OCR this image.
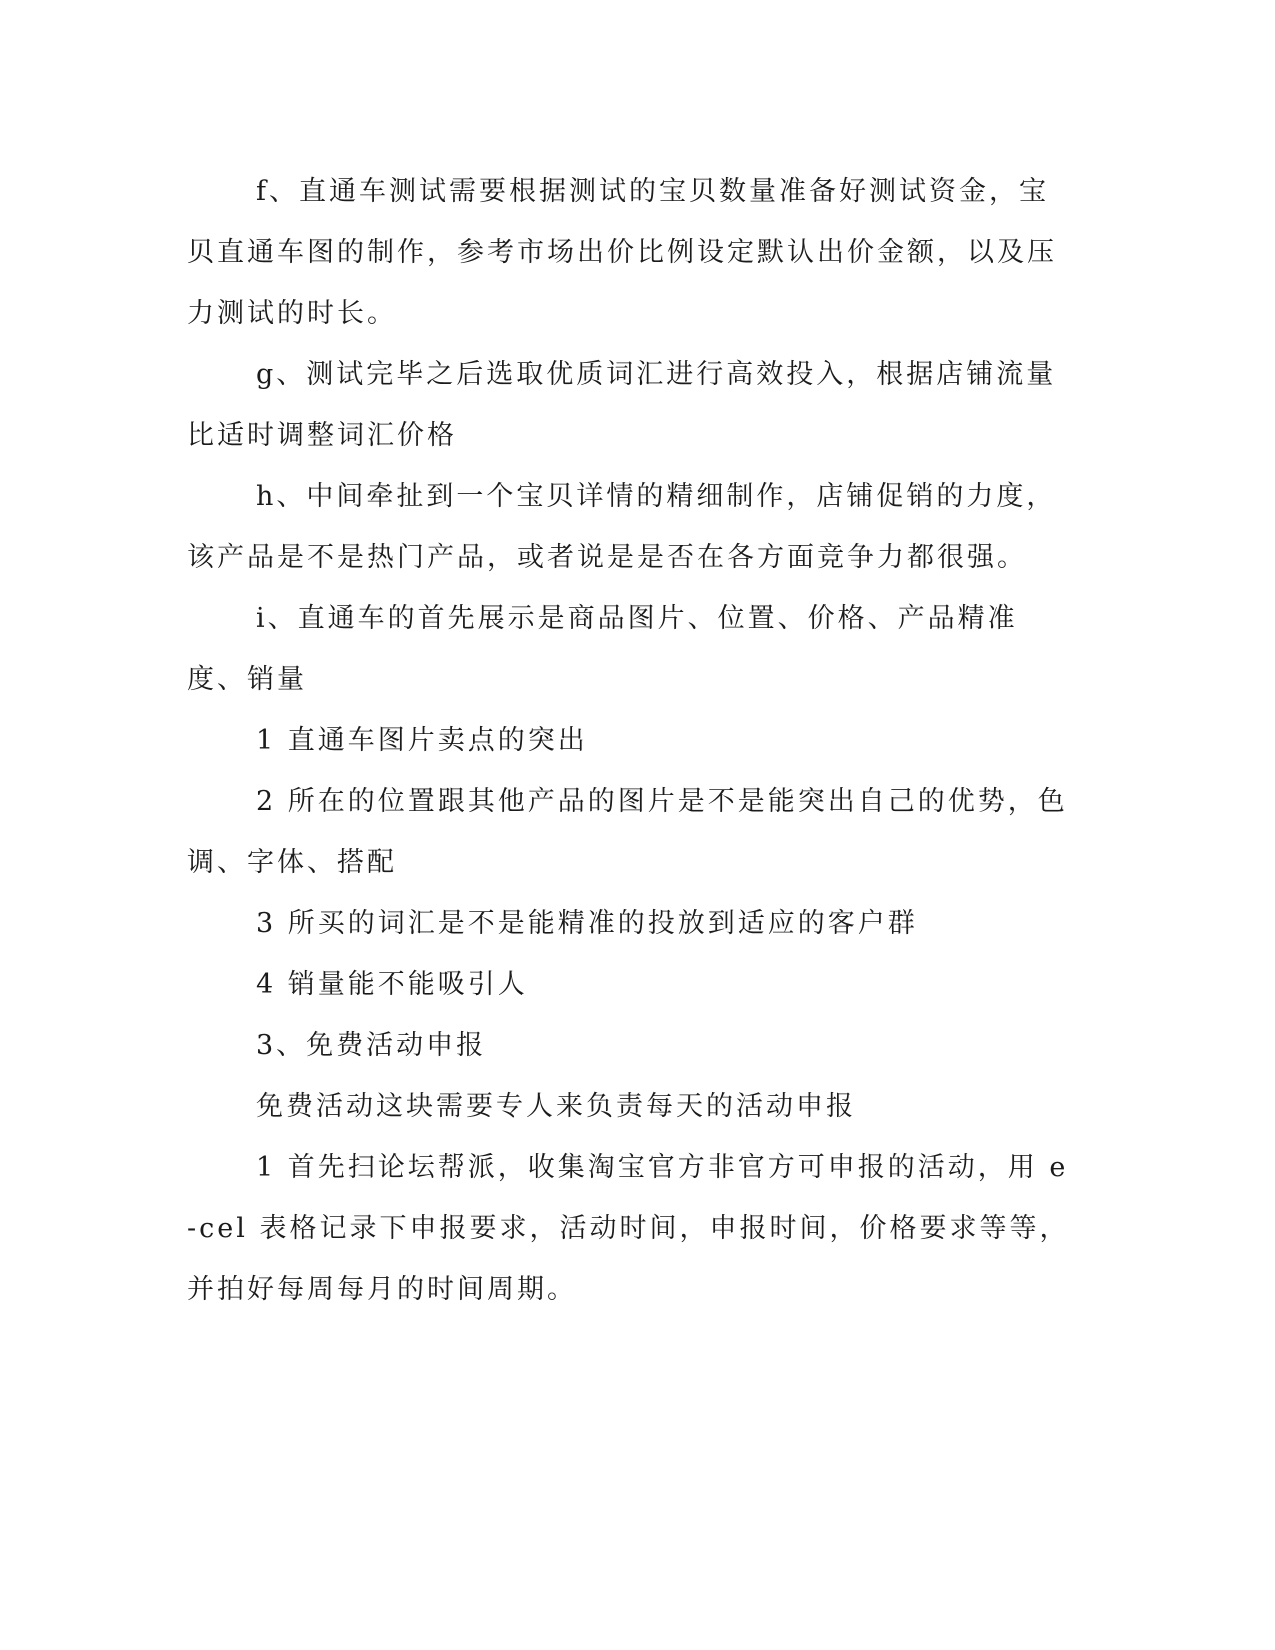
f、直通车测试需要根据测试的宝贝数量准备好测试资金，宝贝直通车图的制作，参考市场出价比例设定默认出价金额，以及压力测试的时长。

g、测试完毕之后选取优质词汇进行高效投入，根据店铺流量比适时调整词汇价格

h、中间牵扯到一个宝贝详情的精细制作，店铺促销的力度，该产品是不是热门产品，或者说是是否在各方面竞争力都很强。

i、直通车的首先展示是商品图片、位置、价格、产品精准度、销量

1 直通车图片卖点的突出

2 所在的位置跟其他产品的图片是不是能突出自己的优势，色调、字体、搭配

3 所买的词汇是不是能精准的投放到适应的客户群

4 销量能不能吸引人

3、免费活动申报

免费活动这块需要专人来负责每天的活动申报

1 首先扫论坛帮派，收集淘宝官方非官方可申报的活动，用 e-cel 表格记录下申报要求，活动时间，申报时间，价格要求等等，并拍好每周每月的时间周期。
